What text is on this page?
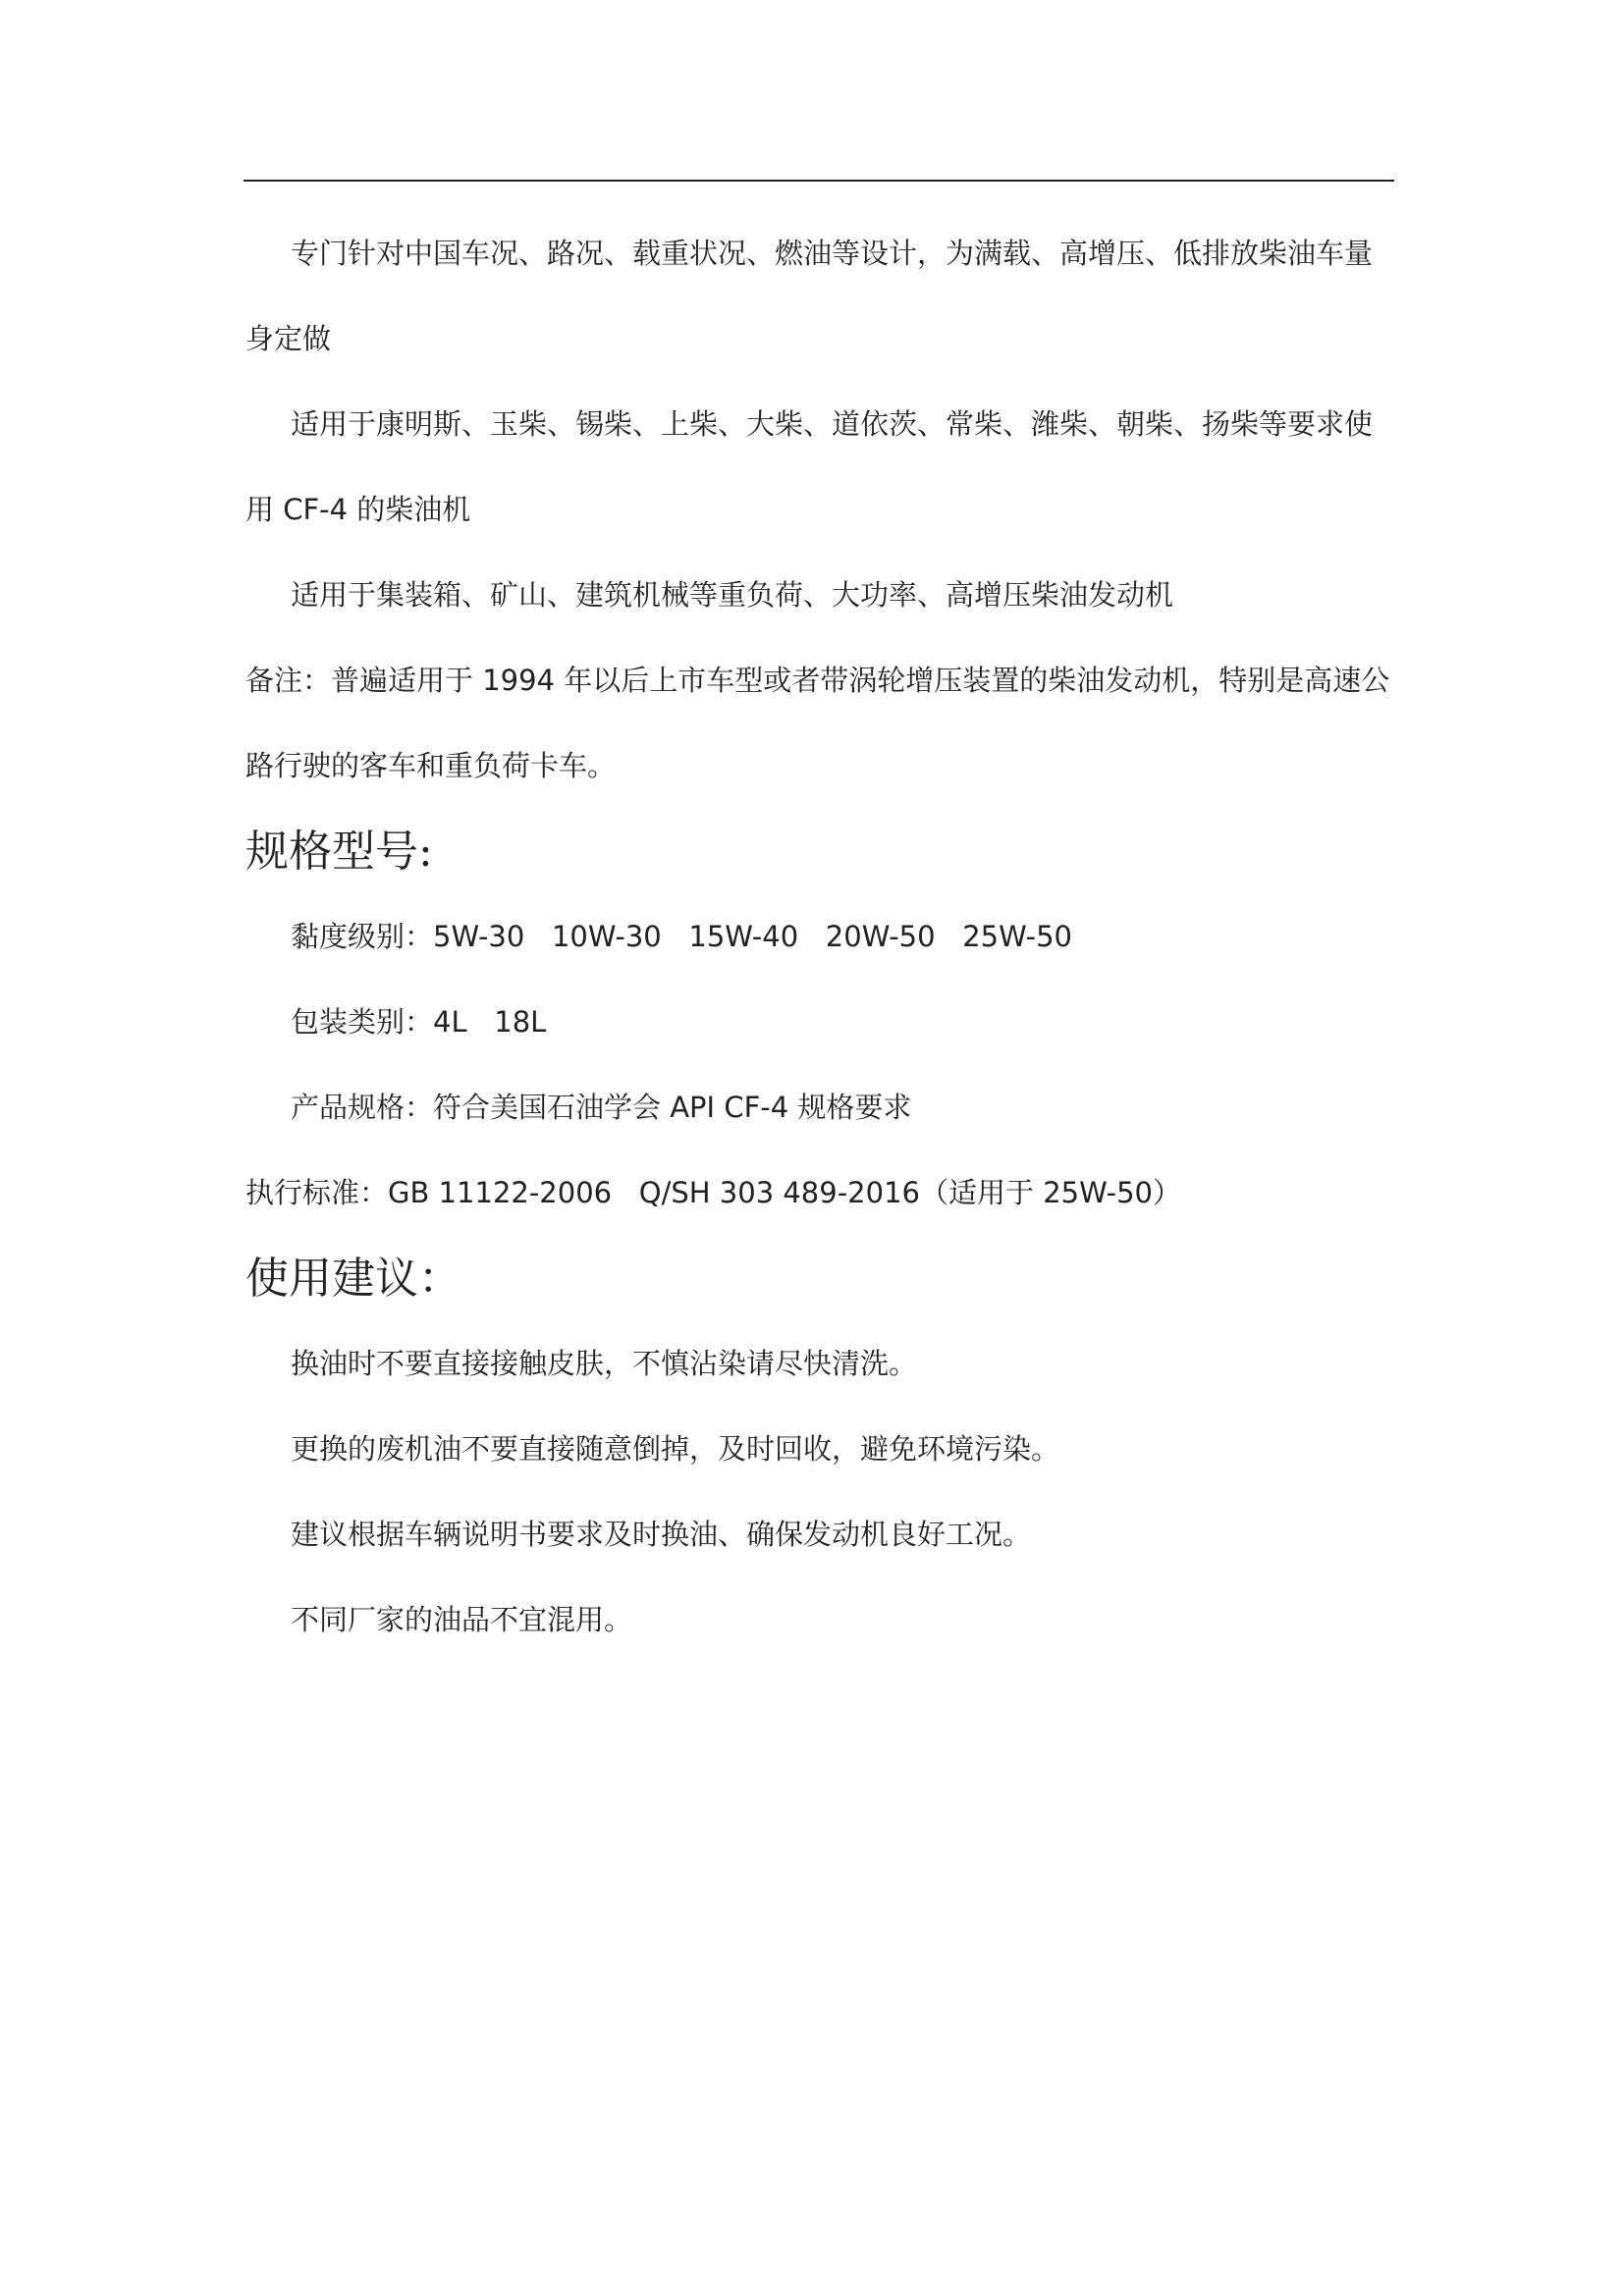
专门针对中国车况、路况、载重状况、燃油等设计，为满载、高增压、低排放柴油车量身定做

适用于康明斯、玉柴、锡柴、上柴、大柴、道依茨、常柴、潍柴、朝柴、扬柴等要求使用 CF-4 的柴油机

适用于集装箱、矿山、建筑机械等重负荷、大功率、高增压柴油发动机

备注：普遍适用于 1994 年以后上市车型或者带涡轮增压装置的柴油发动机，特别是高速公路行驶的客车和重负荷卡车。

规格型号:

黏度级别：5W-30   10W-30   15W-40   20W-50   25W-50

包装类别：4L   18L

产品规格：符合美国石油学会 API CF-4 规格要求

执行标准：GB 11122-2006   Q/SH 303 489-2016（适用于 25W-50）

使用建议：

换油时不要直接接触皮肤，不慎沾染请尽快清洗。

更换的废机油不要直接随意倒掉，及时回收，避免环境污染。

建议根据车辆说明书要求及时换油、确保发动机良好工况。

不同厂家的油品不宜混用。
